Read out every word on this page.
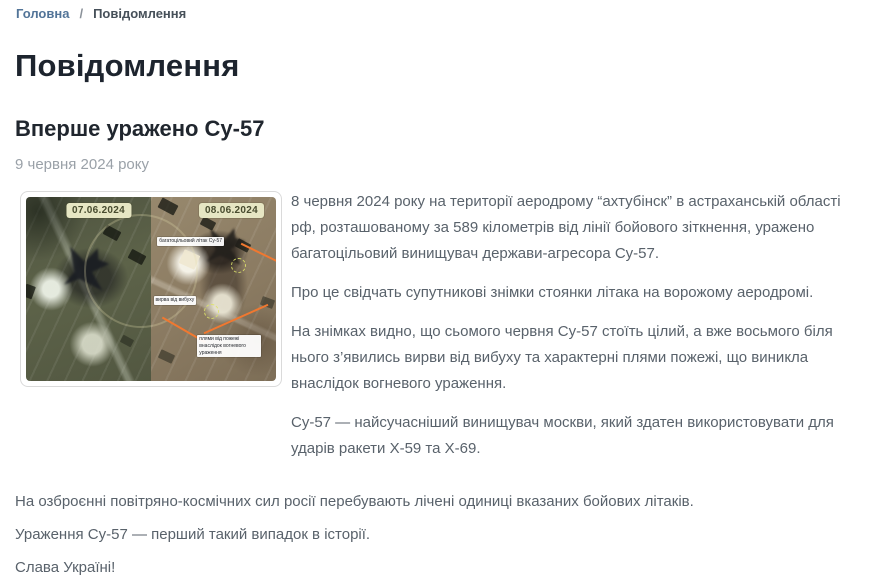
Головна / Повідомлення
Повідомлення
Вперше уражено Су-57
9 червня 2024 року
07.06.2024	08.06.2024
багатоцільовий літак Су-57
вирва від вибуху
плями від пожежі внаслідок вогневого ураження

8 червня 2024 року на території аеродрому “ахтубінск” в астраханській області рф, розташованому за 589 кілометрів від лінії бойового зіткнення, уражено багатоцільовий винищувач держави-агресора Су-57.

Про це свідчать супутникові знімки стоянки літака на ворожому аеродромі.

На знімках видно, що сьомого червня Су-57 стоїть цілий, а вже восьмого біля нього з’явились вирви від вибуху та характерні плями пожежі, що виникла внаслідок вогневого ураження.

Су-57 — найсучасніший винищувач москви, який здатен використовувати для ударів ракети Х-59 та Х-69.

На озброєнні повітряно-космічних сил росії перебувають лічені одиниці вказаних бойових літаків.

Ураження Су-57 — перший такий випадок в історії.

Слава Україні!
